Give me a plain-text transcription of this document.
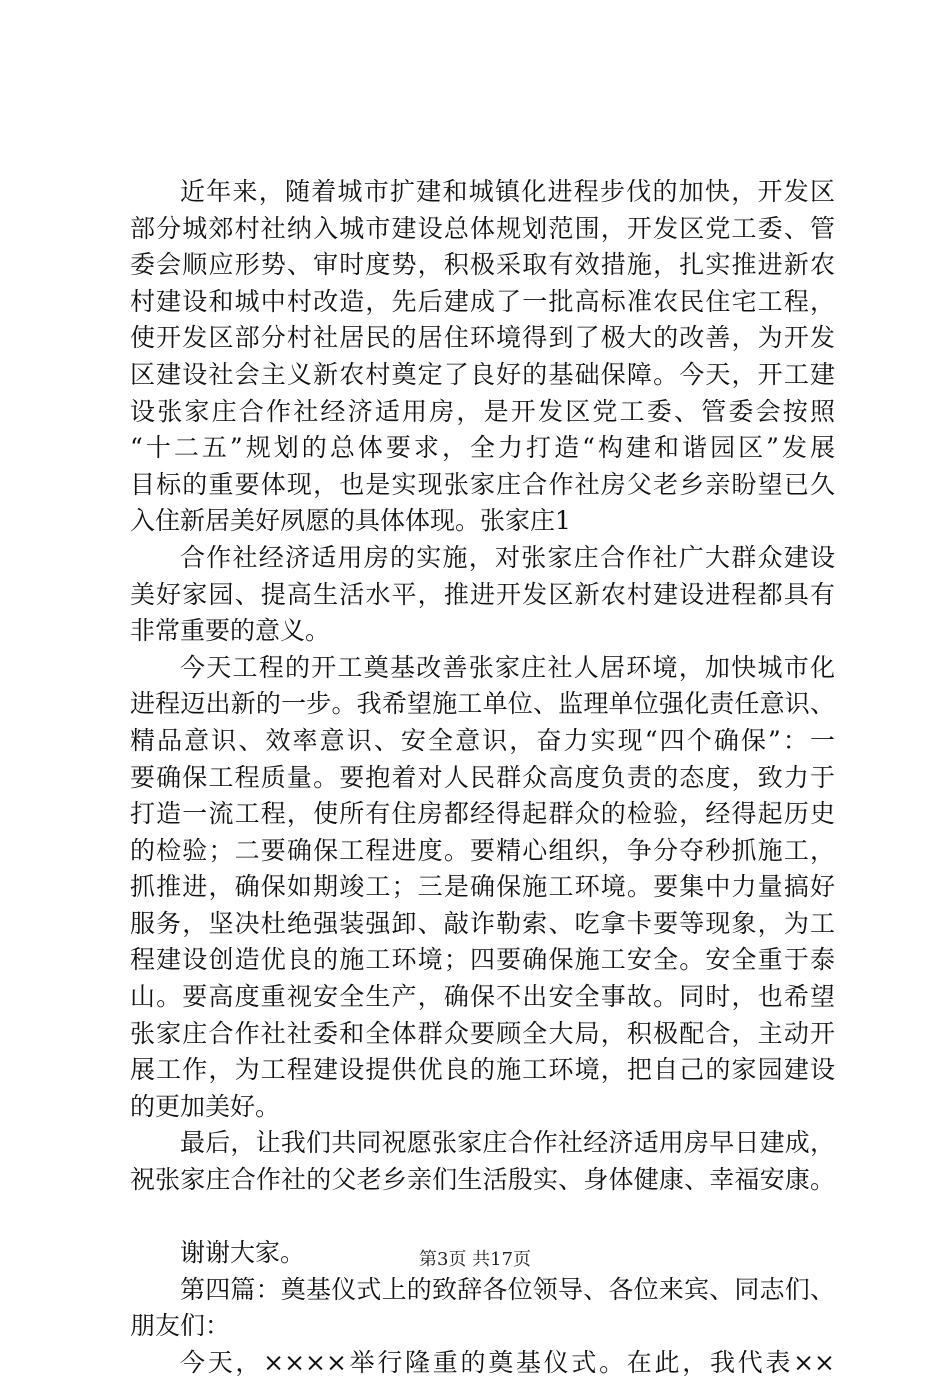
近年来，随着城市扩建和城镇化进程步伐的加快，开发区
部分城郊村社纳入城市建设总体规划范围，开发区党工委、管
委会顺应形势、审时度势，积极采取有效措施，扎实推进新农
村建设和城中村改造，先后建成了一批高标准农民住宅工程，
使开发区部分村社居民的居住环境得到了极大的改善，为开发
区建设社会主义新农村奠定了良好的基础保障。今天，开工建
设张家庄合作社经济适用房，是开发区党工委、管委会按照
“十二五”规划的总体要求，全力打造“构建和谐园区”发展
目标的重要体现，也是实现张家庄合作社房父老乡亲盼望已久
入住新居美好夙愿的具体体现。张家庄1
合作社经济适用房的实施，对张家庄合作社广大群众建设
美好家园、提高生活水平，推进开发区新农村建设进程都具有
非常重要的意义。
今天工程的开工奠基改善张家庄社人居环境，加快城市化
进程迈出新的一步。我希望施工单位、监理单位强化责任意识、
精品意识、效率意识、安全意识，奋力实现“四个确保”：一
要确保工程质量。要抱着对人民群众高度负责的态度，致力于
打造一流工程，使所有住房都经得起群众的检验，经得起历史
的检验；二要确保工程进度。要精心组织，争分夺秒抓施工，
抓推进，确保如期竣工；三是确保施工环境。要集中力量搞好
服务，坚决杜绝强装强卸、敲诈勒索、吃拿卡要等现象，为工
程建设创造优良的施工环境；四要确保施工安全。安全重于泰
山。要高度重视安全生产，确保不出安全事故。同时，也希望
张家庄合作社社委和全体群众要顾全大局，积极配合，主动开
展工作，为工程建设提供优良的施工环境，把自己的家园建设
的更加美好。
最后，让我们共同祝愿张家庄合作社经济适用房早日建成，
祝张家庄合作社的父老乡亲们生活殷实、身体健康、幸福安康。
谢谢大家。
第四篇：奠基仪式上的致辞各位领导、各位来宾、同志们、
朋友们：
今天，××××举行隆重的奠基仪式。在此，我代表××
第3页 共17页
